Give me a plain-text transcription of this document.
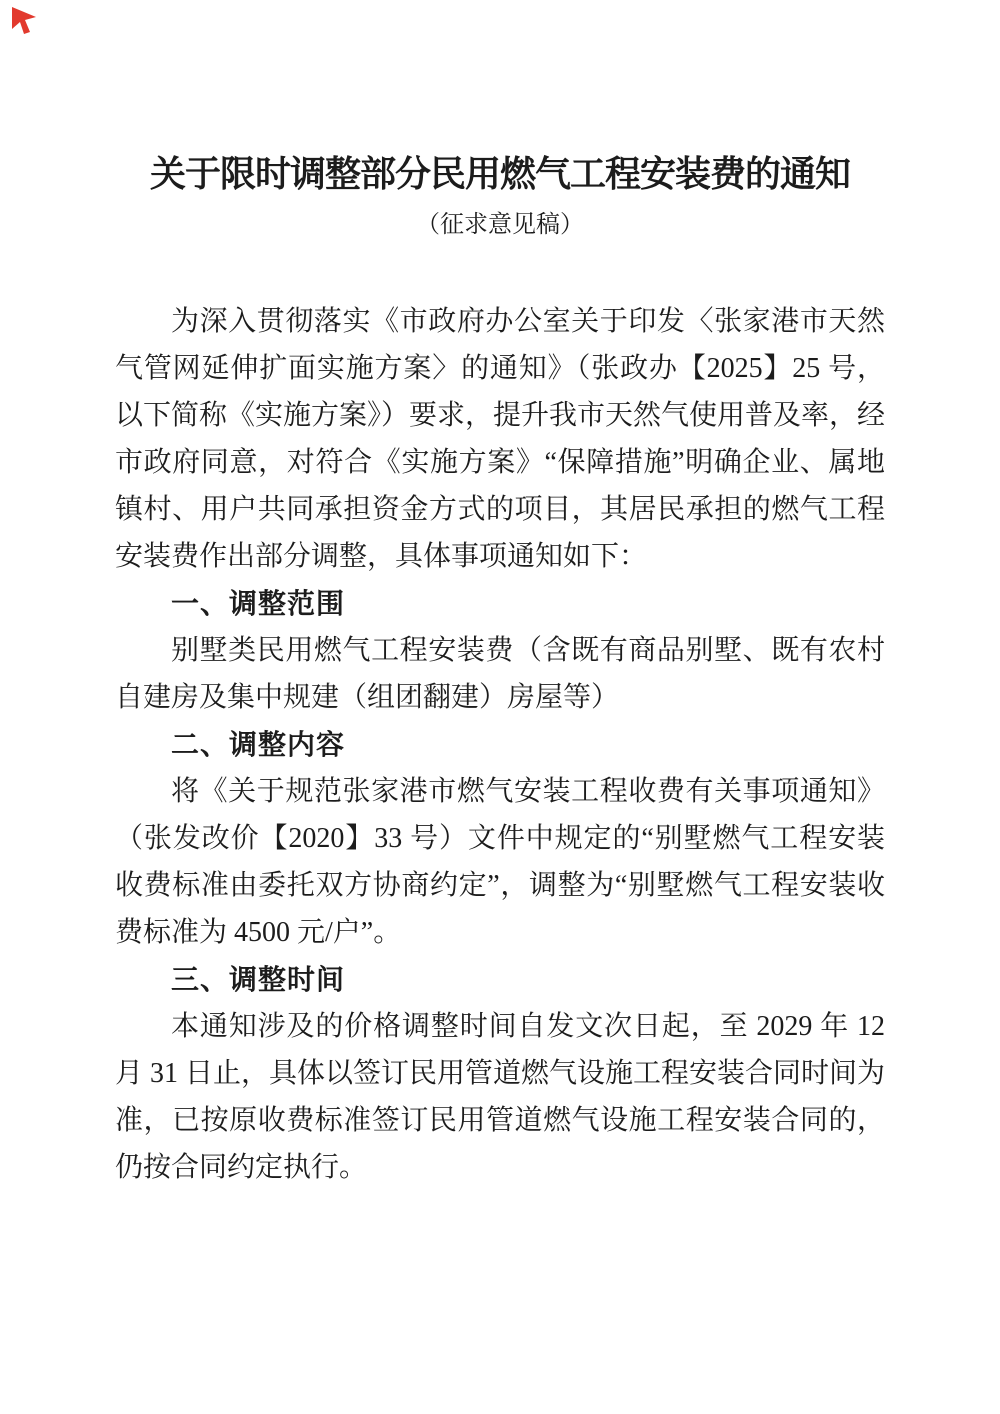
关于限时调整部分民用燃气工程安装费的通知
（征求意见稿）

为深入贯彻落实《市政府办公室关于印发〈张家港市天然气管网延伸扩面实施方案〉的通知》（张政办【2025】25 号，以下简称《实施方案》）要求，提升我市天然气使用普及率，经市政府同意，对符合《实施方案》“保障措施”明确企业、属地镇村、用户共同承担资金方式的项目，其居民承担的燃气工程安装费作出部分调整，具体事项通知如下：

一、调整范围

别墅类民用燃气工程安装费（含既有商品别墅、既有农村自建房及集中规建（组团翻建）房屋等）

二、调整内容

将《关于规范张家港市燃气安装工程收费有关事项通知》（张发改价【2020】33 号）文件中规定的“别墅燃气工程安装收费标准由委托双方协商约定”，调整为“别墅燃气工程安装收费标准为 4500 元/户”。

三、调整时间

本通知涉及的价格调整时间自发文次日起，至 2029 年 12 月 31 日止，具体以签订民用管道燃气设施工程安装合同时间为准，已按原收费标准签订民用管道燃气设施工程安装合同的，仍按合同约定执行。
